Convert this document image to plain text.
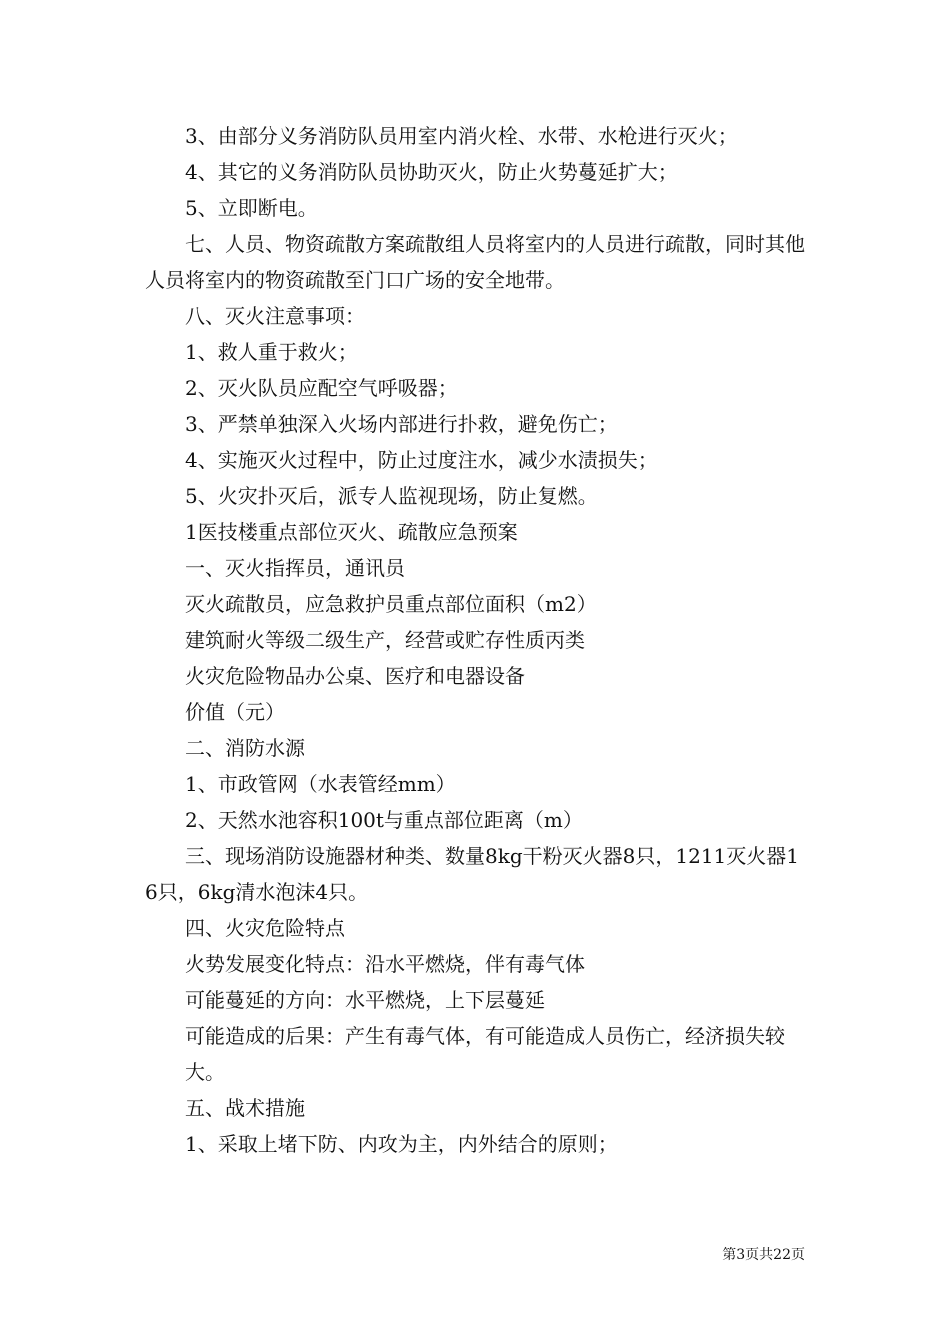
3、由部分义务消防队员用室内消火栓、水带、水枪进行灭火；

4、其它的义务消防队员协助灭火，防止火势蔓延扩大；

5、立即断电。

七、人员、物资疏散方案疏散组人员将室内的人员进行疏散，同时其他人员将室内的物资疏散至门口广场的安全地带。

八、灭火注意事项：

1、救人重于救火；

2、灭火队员应配空气呼吸器；

3、严禁单独深入火场内部进行扑救，避免伤亡；

4、实施灭火过程中，防止过度注水，减少水渍损失；

5、火灾扑灭后，派专人监视现场，防止复燃。

1医技楼重点部位灭火、疏散应急预案

一、灭火指挥员，通讯员

灭火疏散员，应急救护员重点部位面积（m2）

建筑耐火等级二级生产，经营或贮存性质丙类

火灾危险物品办公桌、医疗和电器设备

价值（元）

二、消防水源

1、市政管网（水表管经mm）

2、天然水池容积100t与重点部位距离（m）

三、现场消防设施器材种类、数量8kg干粉灭火器8只，1211灭火器16只，6kg清水泡沫4只。

四、火灾危险特点

火势发展变化特点：沿水平燃烧，伴有毒气体

可能蔓延的方向：水平燃烧，上下层蔓延

可能造成的后果：产生有毒气体，有可能造成人员伤亡，经济损失较

大。

五、战术措施

1、采取上堵下防、内攻为主，内外结合的原则；

第3页共22页
